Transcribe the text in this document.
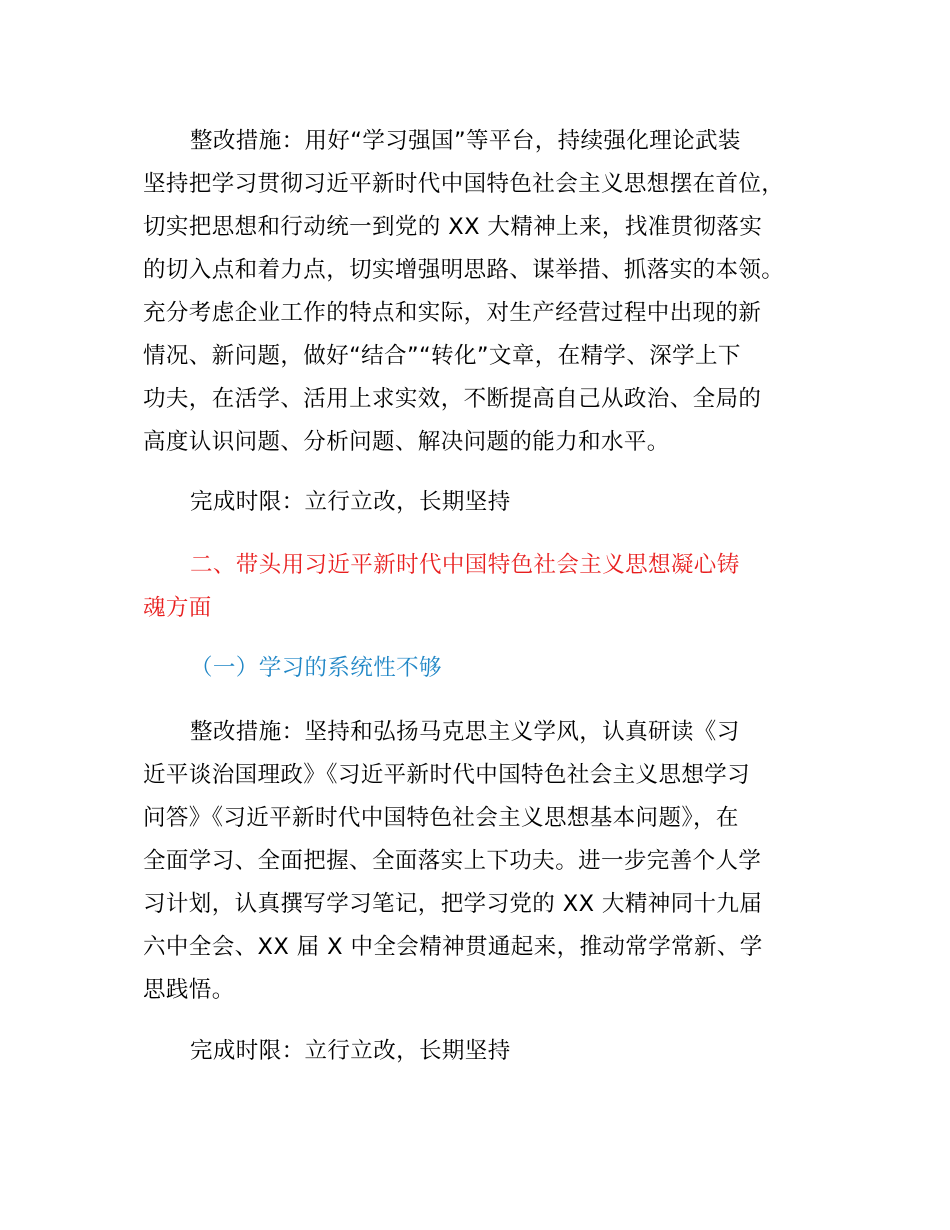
整改措施：用好“学习强国”等平台，持续强化理论武装
坚持把学习贯彻习近平新时代中国特色社会主义思想摆在首位，
切实把思想和行动统一到党的 XX 大精神上来，找准贯彻落实
的切入点和着力点，切实增强明思路、谋举措、抓落实的本领。
充分考虑企业工作的特点和实际，对生产经营过程中出现的新
情况、新问题，做好“结合”“转化”文章，在精学、深学上下
功夫，在活学、活用上求实效，不断提高自己从政治、全局的
高度认识问题、分析问题、解决问题的能力和水平。
完成时限：立行立改，长期坚持
二、带头用习近平新时代中国特色社会主义思想凝心铸
魂方面
（一）学习的系统性不够
整改措施：坚持和弘扬马克思主义学风，认真研读《习
近平谈治国理政》《习近平新时代中国特色社会主义思想学习
问答》《习近平新时代中国特色社会主义思想基本问题》，在
全面学习、全面把握、全面落实上下功夫。进一步完善个人学
习计划，认真撰写学习笔记，把学习党的 XX 大精神同十九届
六中全会、XX 届 X 中全会精神贯通起来，推动常学常新、学
思践悟。
完成时限：立行立改，长期坚持
